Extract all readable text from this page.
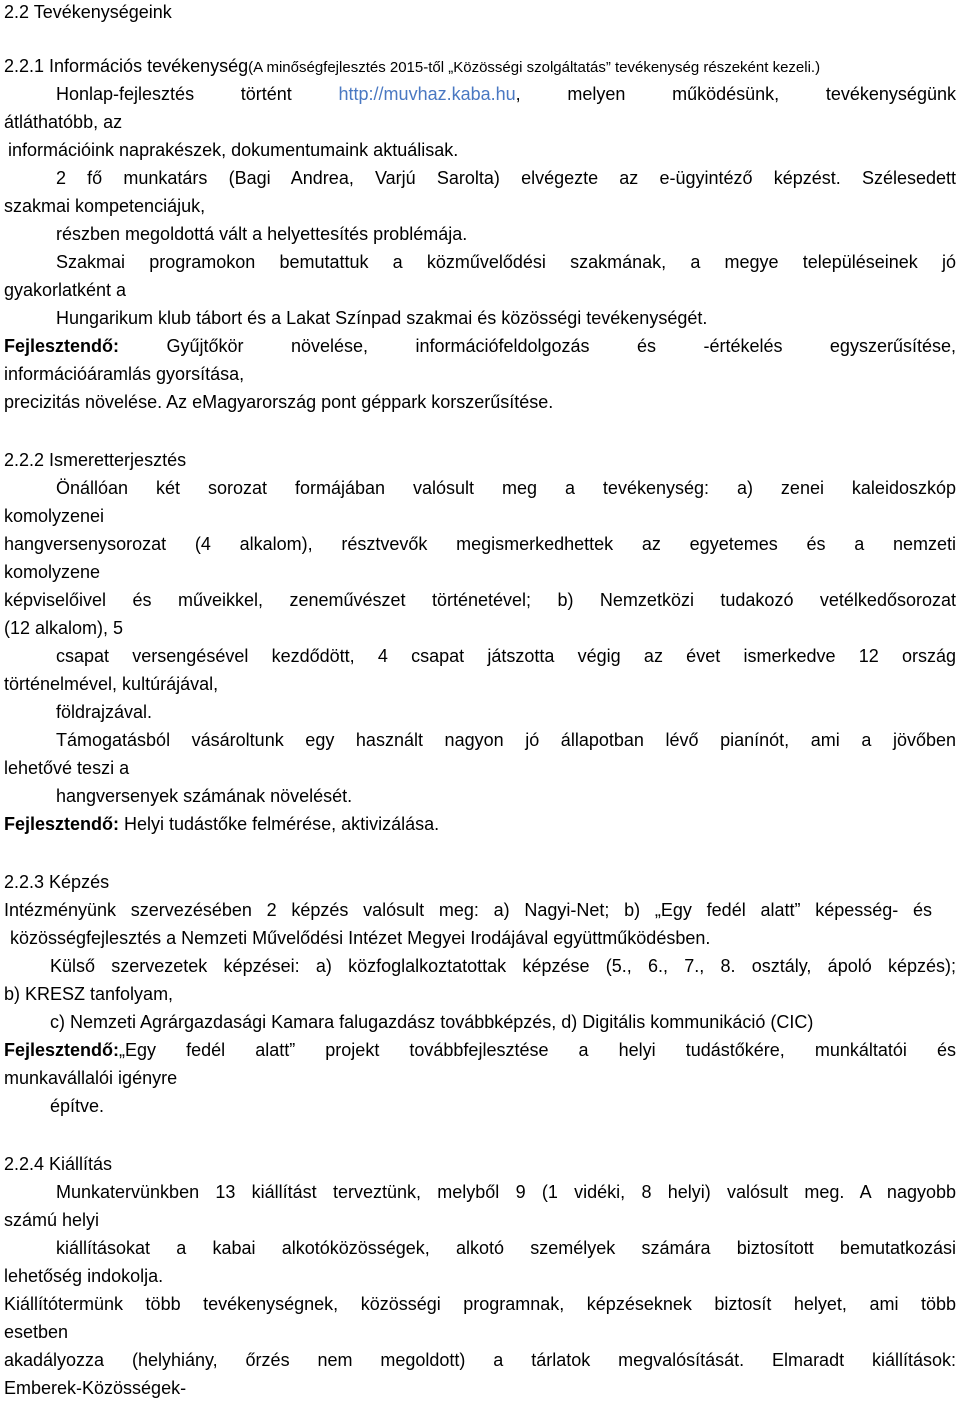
2.2 Tevékenységeink
2.2.1 Információs tevékenység(A minőségfejlesztés 2015-től „Közösségi szolgáltatás” tevékenység részeként kezeli.)
Honlap-fejlesztés történt http://muvhaz.kaba.hu, melyen működésünk, tevékenységünk
átláthatóbb, az
információink naprakészek, dokumentumaink aktuálisak.
2 fő munkatárs (Bagi Andrea, Varjú Sarolta) elvégezte az e-ügyintéző képzést. Szélesedett
szakmai kompetenciájuk,
részben megoldottá vált a helyettesítés problémája.
Szakmai programokon bemutattuk a közművelődési szakmának, a megye településeinek jó
gyakorlatként a
Hungarikum klub tábort és a Lakat Színpad szakmai és közösségi tevékenységét.
Fejlesztendő: Gyűjtőkör növelése, információfeldolgozás és -értékelés egyszerűsítése,
információáramlás gyorsítása,
precizitás növelése. Az eMagyarország pont géppark korszerűsítése.
2.2.2 Ismeretterjesztés
Önállóan két sorozat formájában valósult meg a tevékenység: a) zenei kaleidoszkóp
komolyzenei
hangversenysorozat (4 alkalom), résztvevők megismerkedhettek az egyetemes és a nemzeti
komolyzene
képviselőivel és műveikkel, zeneművészet történetével; b) Nemzetközi tudakozó vetélkedősorozat
(12 alkalom), 5
csapat versengésével kezdődött, 4 csapat játszotta végig az évet ismerkedve 12 ország
történelmével, kultúrájával,
földrajzával.
Támogatásból vásároltunk egy használt nagyon jó állapotban lévő pianínót, ami a jövőben
lehetővé teszi a
hangversenyek számának növelését.
Fejlesztendő: Helyi tudástőke felmérése, aktivizálása.
2.2.3 Képzés
Intézményünk szervezésében 2 képzés valósult meg: a) Nagyi-Net; b) „Egy fedél alatt” képesség- és
közösségfejlesztés a Nemzeti Művelődési Intézet Megyei Irodájával együttműködésben.
Külső szervezetek képzései: a) közfoglalkoztatottak képzése (5., 6., 7., 8. osztály, ápoló képzés);
b) KRESZ tanfolyam,
c) Nemzeti Agrárgazdasági Kamara falugazdász továbbképzés, d) Digitális kommunikáció (CIC)
Fejlesztendő:„Egy fedél alatt” projekt továbbfejlesztése a helyi tudástőkére, munkáltatói és
munkavállalói igényre
építve.
2.2.4 Kiállítás
Munkatervünkben 13 kiállítást terveztünk, melyből 9 (1 vidéki, 8 helyi) valósult meg. A nagyobb
számú helyi
kiállításokat a kabai alkotóközösségek, alkotó személyek számára biztosított bemutatkozási
lehetőség indokolja.
Kiállítótermünk több tevékenységnek, közösségi programnak, képzéseknek biztosít helyet, ami több
esetben
akadályozza (helyhiány, őrzés nem megoldott) a tárlatok megvalósítását. Elmaradt kiállítások:
Emberek-Közösségek-
